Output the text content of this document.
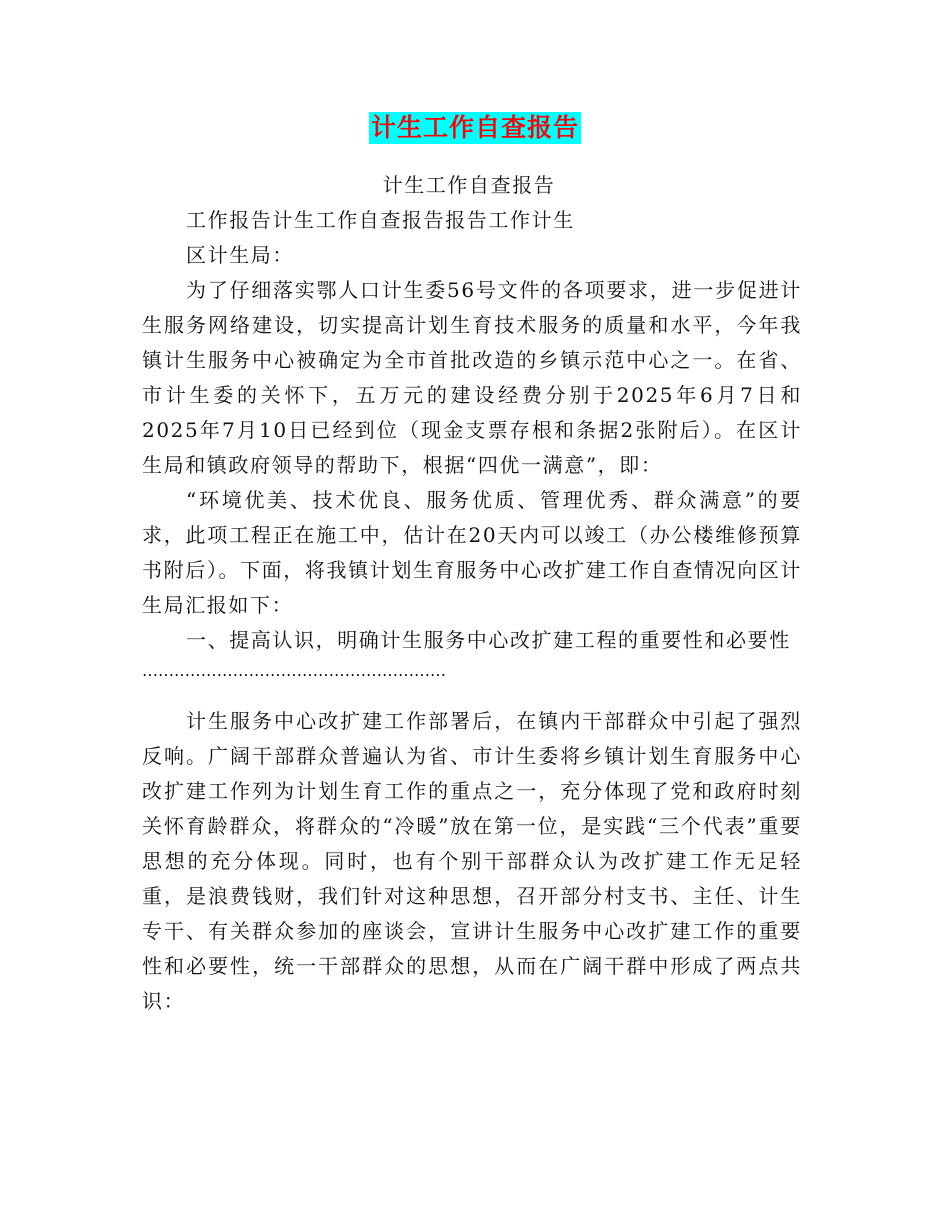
计生工作自查报告

计生工作自查报告

工作报告计生工作自查报告报告工作计生

区计生局：

为了仔细落实鄂人口计生委56号文件的各项要求，进一步促进计生服务网络建设，切实提高计划生育技术服务的质量和水平，今年我镇计生服务中心被确定为全市首批改造的乡镇示范中心之一。在省、市计生委的关怀下，五万元的建设经费分别于2025年6月7日和2025年7月10日已经到位（现金支票存根和条据2张附后）。在区计生局和镇政府领导的帮助下，根据“四优一满意”，即：

“环境优美、技术优良、服务优质、管理优秀、群众满意”的要求，此项工程正在施工中，估计在20天内可以竣工（办公楼维修预算书附后）。下面，将我镇计划生育服务中心改扩建工作自查情况向区计生局汇报如下：

一、提高认识，明确计生服务中心改扩建工程的重要性和必要性

…………………………………………………

计生服务中心改扩建工作部署后，在镇内干部群众中引起了强烈反响。广阔干部群众普遍认为省、市计生委将乡镇计划生育服务中心改扩建工作列为计划生育工作的重点之一，充分体现了党和政府时刻关怀育龄群众，将群众的“冷暖”放在第一位，是实践“三个代表”重要思想的充分体现。同时，也有个别干部群众认为改扩建工作无足轻重，是浪费钱财，我们针对这种思想，召开部分村支书、主任、计生专干、有关群众参加的座谈会，宣讲计生服务中心改扩建工作的重要性和必要性，统一干部群众的思想，从而在广阔干群中形成了两点共识：
